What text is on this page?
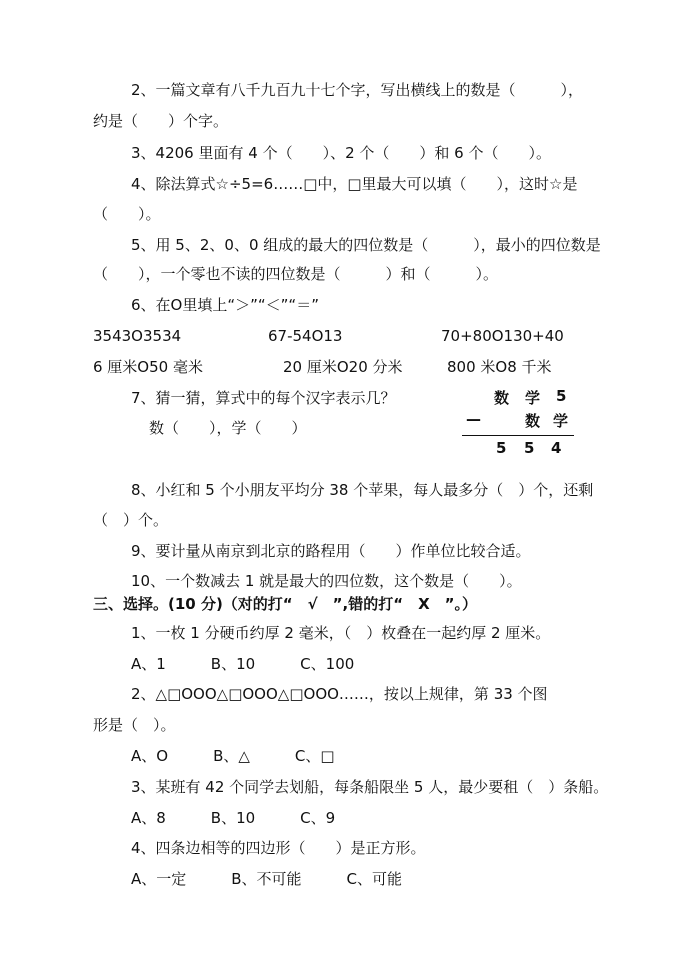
2、一篇文章有八千九百九十七个字，写出横线上的数是（　　　），
约是（　　）个字。
3、4206 里面有 4 个（　　）、2 个（　　）和 6 个（　　）。
4、除法算式☆÷5=6……□中，□里最大可以填（　　），这时☆是
（　　）。
5、用 5、2、0、0 组成的最大的四位数是（　　　），最小的四位数是
（　　），一个零也不读的四位数是（　　　）和（　　　）。
6、在O里填上“＞”“＜”“＝”
3543O3534	67-54O13	70+80O130+40
6 厘米O50 毫米	20 厘米O20 分米	800 米O8 千米
7、猜一猜，算式中的每个汉字表示几？
数（　　），学（　　）
数 学 5
—	数 学
5 5 4
8、小红和 5 个小朋友平均分 38 个苹果，每人最多分（　）个，还剩
（　）个。
9、要计量从南京到北京的路程用（　　）作单位比较合适。
10、一个数减去 1 就是最大的四位数，这个数是（　　）。
三、选择。(10 分)（对的打“　√　”,错的打“　X　”。）
1、一枚 1 分硬币约厚 2 毫米，（　）枚叠在一起约厚 2 厘米。
A、1　　　B、10　　　C、100
2、△□OOO△□OOO△□OOO……，按以上规律，第 33 个图
形是（　）。
A、O　　　B、△　　　C、□
3、某班有 42 个同学去划船，每条船限坐 5 人，最少要租（　）条船。
A、8　　　B、10　　　C、9
4、四条边相等的四边形（　　）是正方形。
A、一定　　　B、不可能　　　C、可能
